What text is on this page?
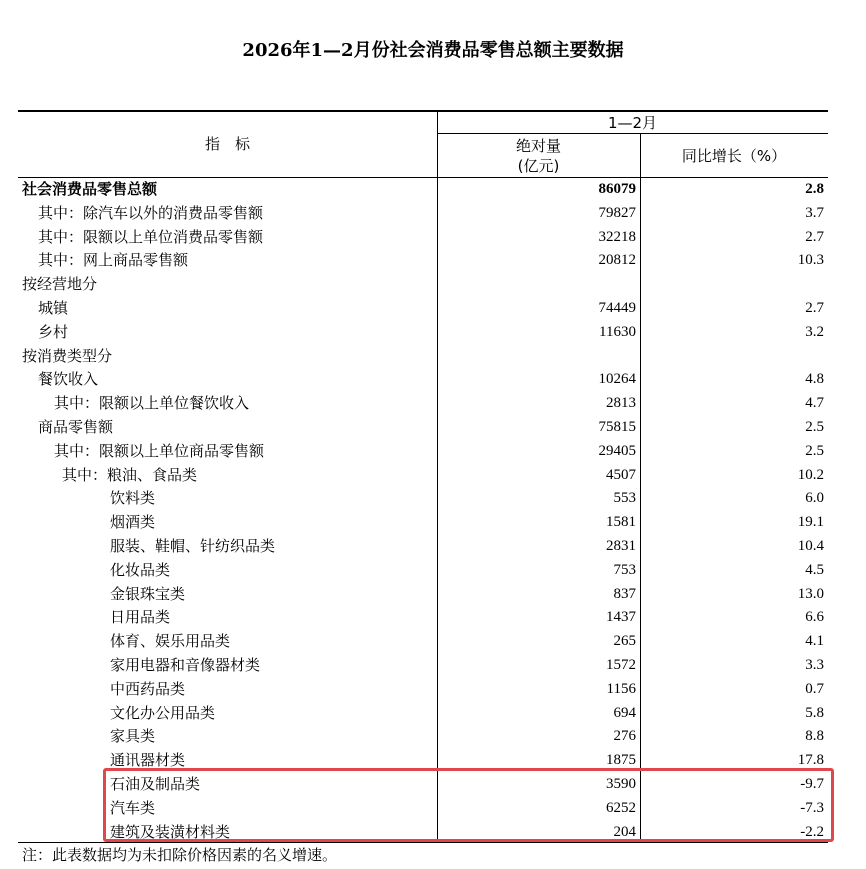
2026年1—2月份社会消费品零售总额主要数据
指　标
1—2月
绝对量
(亿元)
同比增长（%）
社会消费品零售总额	86079	2.8
其中：除汽车以外的消费品零售额	79827	3.7
其中：限额以上单位消费品零售额	32218	2.7
其中：网上商品零售额	20812	10.3
按经营地分
城镇	74449	2.7
乡村	11630	3.2
按消费类型分
餐饮收入	10264	4.8
其中：限额以上单位餐饮收入	2813	4.7
商品零售额	75815	2.5
其中：限额以上单位商品零售额	29405	2.5
其中：粮油、食品类	4507	10.2
饮料类	553	6.0
烟酒类	1581	19.1
服装、鞋帽、针纺织品类	2831	10.4
化妆品类	753	4.5
金银珠宝类	837	13.0
日用品类	1437	6.6
体育、娱乐用品类	265	4.1
家用电器和音像器材类	1572	3.3
中西药品类	1156	0.7
文化办公用品类	694	5.8
家具类	276	8.8
通讯器材类	1875	17.8
石油及制品类	3590	-9.7
汽车类	6252	-7.3
建筑及装潢材料类	204	-2.2
注：此表数据均为未扣除价格因素的名义增速。
